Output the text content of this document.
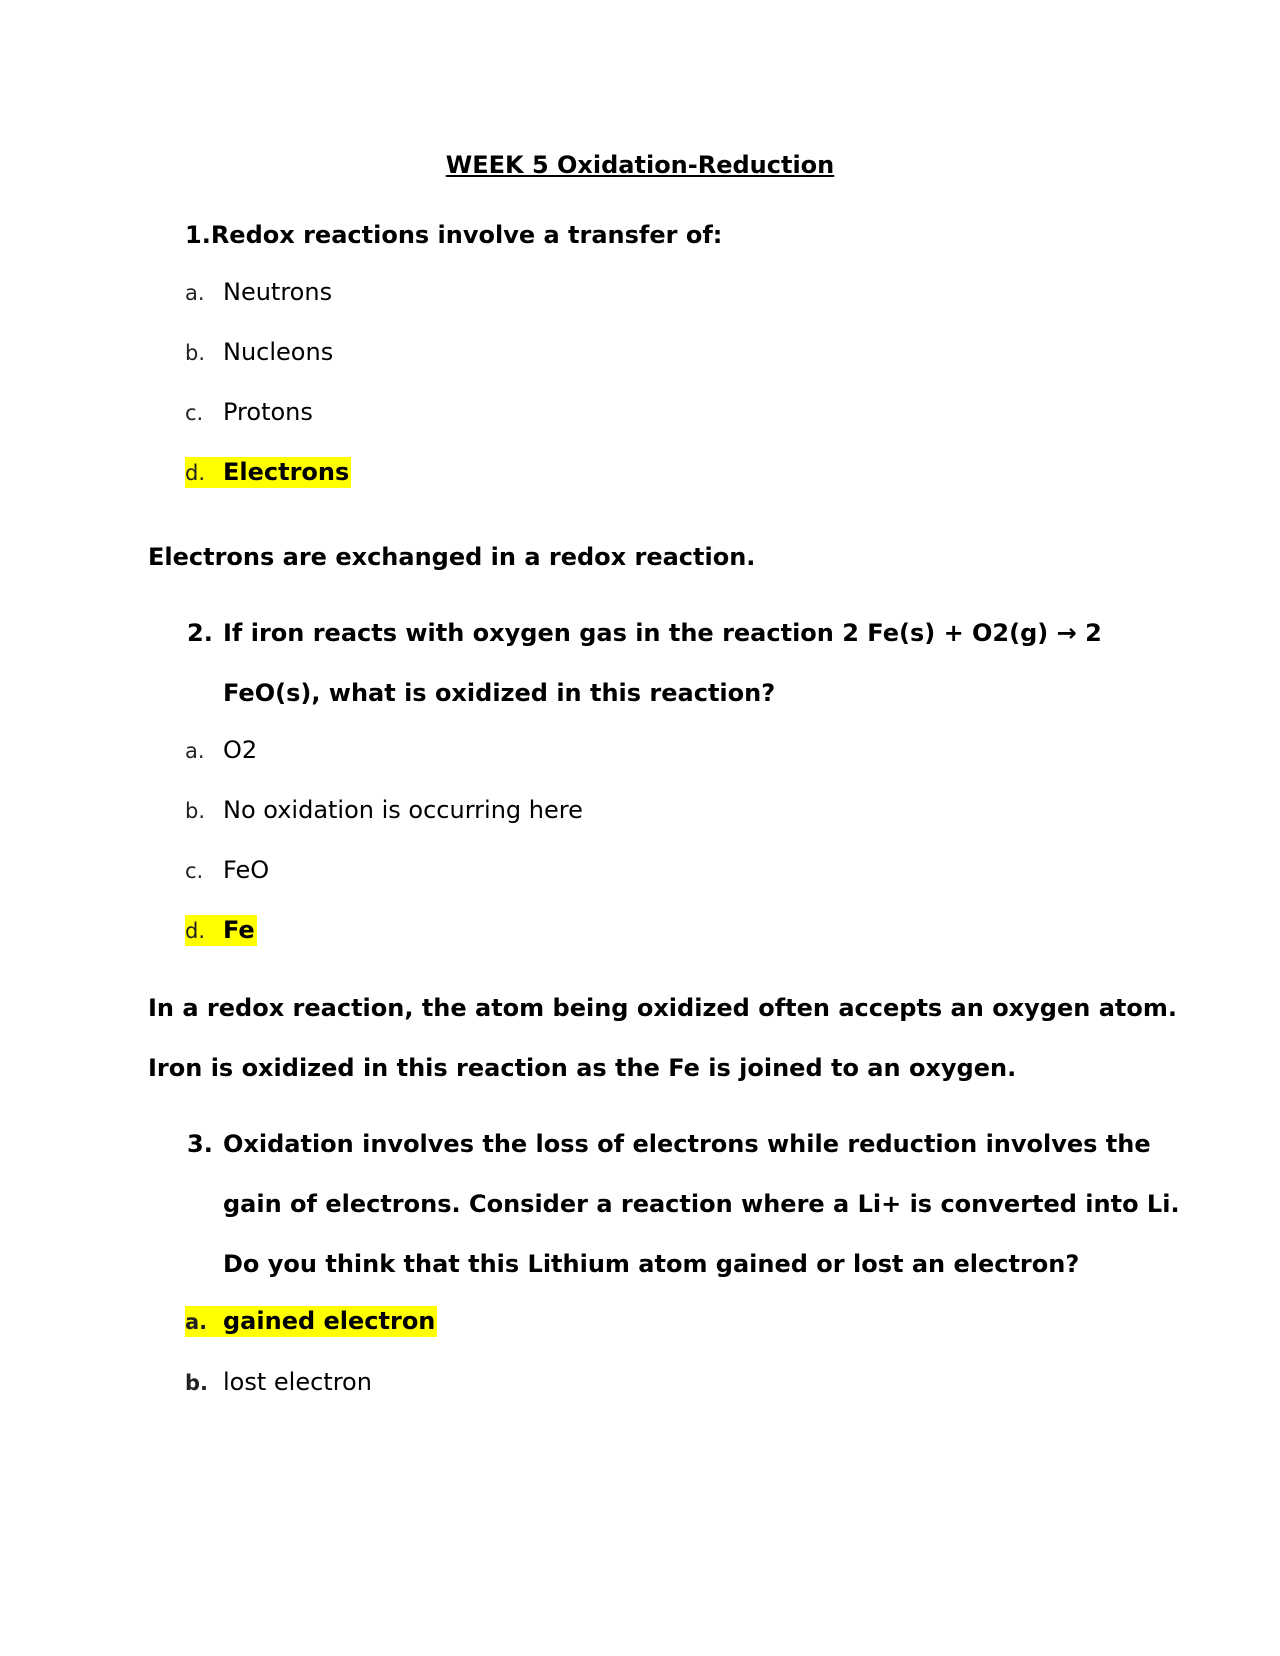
WEEK 5 Oxidation-Reduction
1.Redox reactions involve a transfer of:
a. Neutrons
b. Nucleons
c. Protons
d. Electrons
Electrons are exchanged in a redox reaction.
2. If iron reacts with oxygen gas in the reaction 2 Fe(s) + O2(g) → 2
FeO(s), what is oxidized in this reaction?
a. O2
b. No oxidation is occurring here
c. FeO
d. Fe
In a redox reaction, the atom being oxidized often accepts an oxygen atom.
Iron is oxidized in this reaction as the Fe is joined to an oxygen.
3. Oxidation involves the loss of electrons while reduction involves the
gain of electrons. Consider a reaction where a Li+ is converted into Li.
Do you think that this Lithium atom gained or lost an electron?
a. gained electron
b. lost electron
